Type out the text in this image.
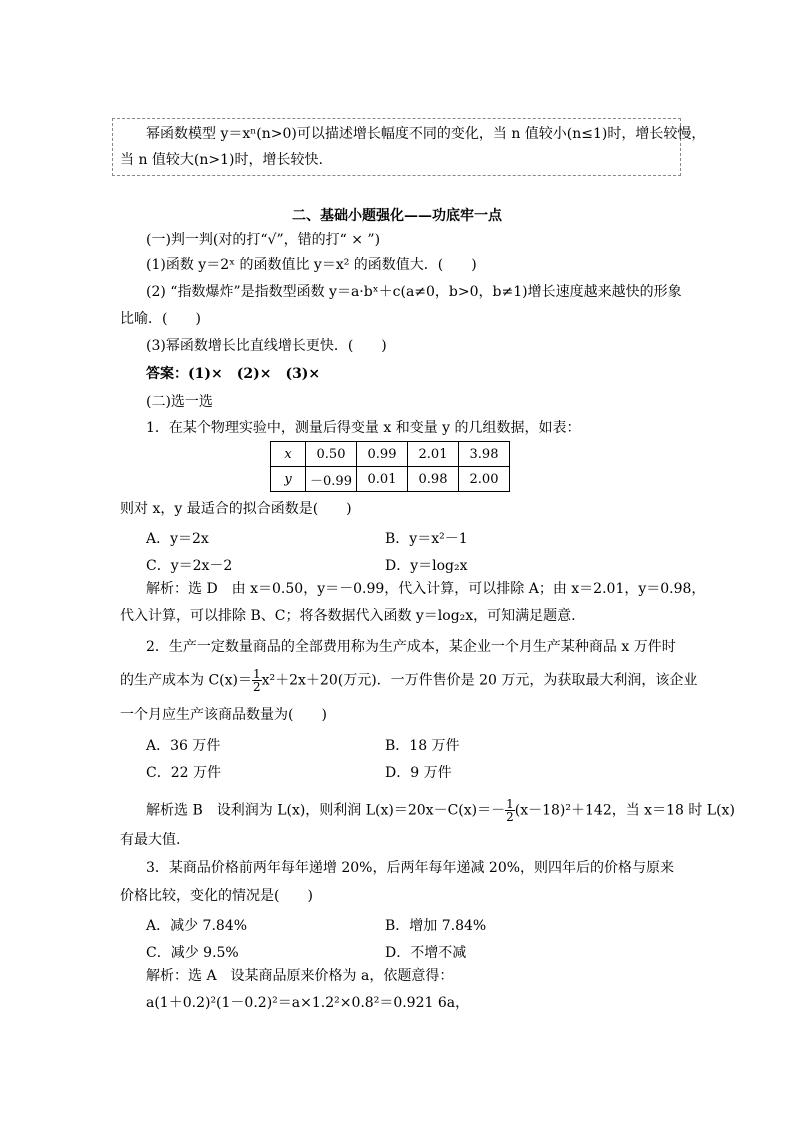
幂函数模型 y＝xⁿ(n>0)可以描述增长幅度不同的变化，当 n 值较小(n≤1)时，增长较慢，
当 n 值较大(n>1)时，增长较快.
二、基础小题强化——功底牢一点
(一)判一判(对的打“√”，错的打“ × ”)
(1)函数 y＝2ˣ 的函数值比 y＝x² 的函数值大．(　　)
(2) “指数爆炸”是指数型函数 y＝a·bˣ＋c(a≠0，b>0，b≠1)增长速度越来越快的形象
比喻．(　　)
(3)幂函数增长比直线增长更快．(　　)
答案：(1)×　(2)×　(3)×
(二)选一选
1．在某个物理实验中，测量后得变量 x 和变量 y 的几组数据，如表：
x	0.50	0.99	2.01	3.98
y	－0.99	0.01	0.98	2.00
则对 x，y 最适合的拟合函数是(　　)
A．y＝2x	B．y＝x²－1
C．y＝2x－2	D．y＝log₂x
解析：选 D　由 x＝0.50，y＝－0.99，代入计算，可以排除 A；由 x＝2.01，y＝0.98，
代入计算，可以排除 B、C；将各数据代入函数 y＝log₂x，可知满足题意.
2．生产一定数量商品的全部费用称为生产成本，某企业一个月生产某种商品 x 万件时
的生产成本为 $C(x)= \frac{1}{2} x^2+2x+20$(万元)．一万件售价是 20 万元，为获取最大利润，该企业
一个月应生产该商品数量为(　　)
A．36 万件	B．18 万件
C．22 万件	D．9 万件
解析选 B　设利润为 L(x)，则利润 $L(x)=20x-C(x)=- \frac{1}{2} (x-18)^2+142$，当 x＝18 时 L(x)
有最大值.
3．某商品价格前两年每年递增 20%，后两年每年递减 20%，则四年后的价格与原来
价格比较，变化的情况是(　　)
A．减少 7.84%	B．增加 7.84%
C．减少 9.5%	D．不增不减
解析：选 A　设某商品原来价格为 a，依题意得：
a(1＋0.2)²(1－0.2)²＝a×1.2²×0.8²＝0.921 6a，
